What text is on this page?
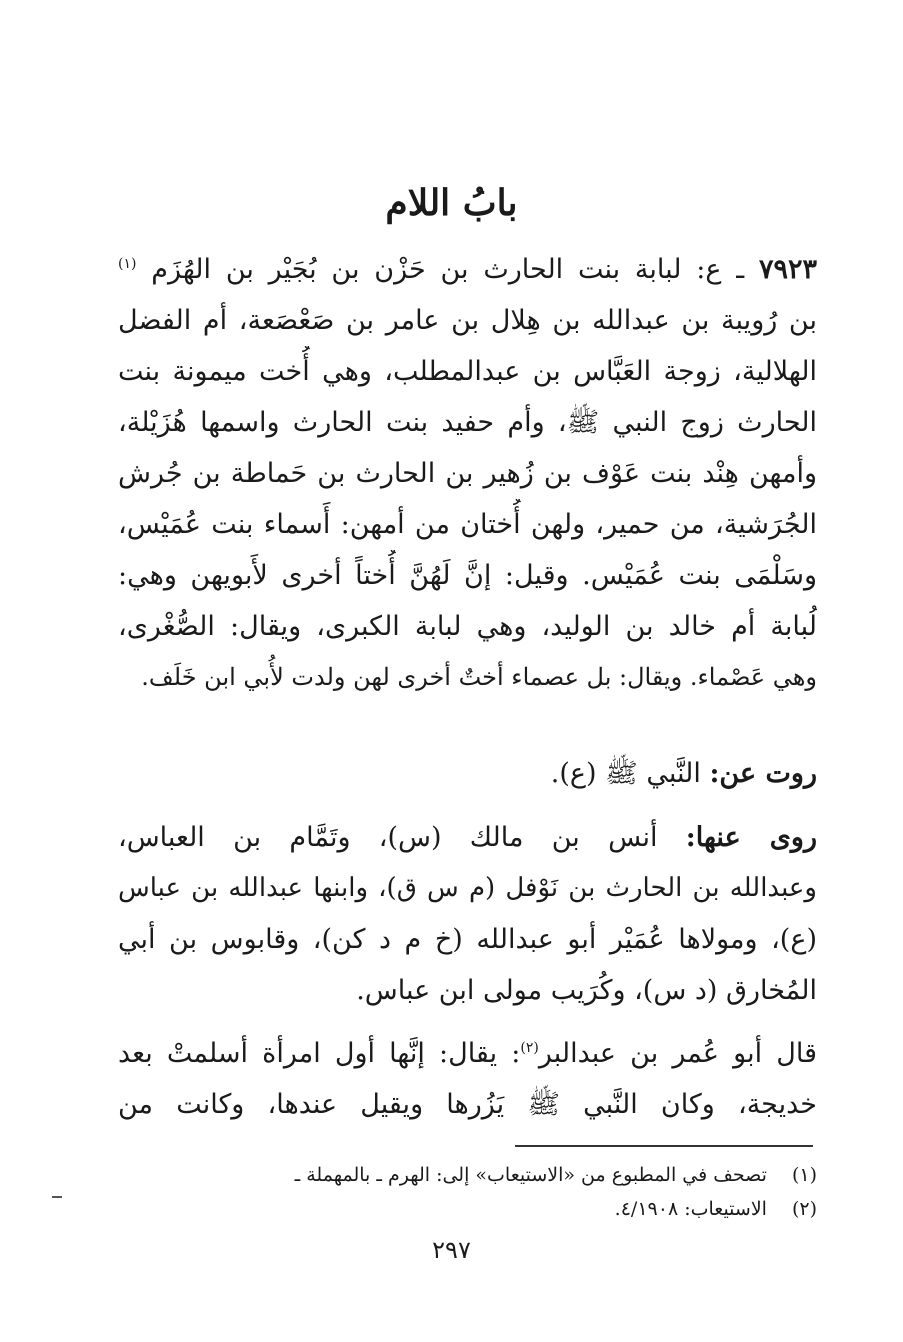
بابُ اللام
٧٩٢٣ ـ ع: لبابة بنت الحارث بن حَزْن بن بُجَيْر بن الهُزَم $^{(١)}$
بن رُويبة بن عبدالله بن هِلال بن عامر بن صَعْصَعة، أم الفضل
الهلالية، زوجة العَبَّاس بن عبدالمطلب، وهي أُخت ميمونة بنت
الحارث زوج النبي ﷺ، وأم حفيد بنت الحارث واسمها هُزَيْلة،
وأمهن هِنْد بنت عَوْف بن زُهير بن الحارث بن حَماطة بن جُرش
الجُرَشية، من حمير، ولهن أُختان من أمهن: أَسماء بنت عُمَيْس،
وسَلْمَى بنت عُمَيْس. وقيل: إنَّ لَهُنَّ أُختاً أخرى لأَبويهن وهي:
لُبابة أم خالد بن الوليد، وهي لبابة الكبرى، ويقال: الصُّغْرى،
وهي عَصْماء. ويقال: بل عصماء أختٌ أخرى لهن ولدت لأُبي ابن خَلَف.
روت عن: النَّبي ﷺ (ع).
روى عنها: أنس بن مالك (س)، وتَمَّام بن العباس،
وعبدالله بن الحارث بن نَوْفل (م س ق)، وابنها عبدالله بن عباس
(ع)، ومولاها عُمَيْر أبو عبدالله (خ م د كن)، وقابوس بن أبي
المُخارق (د س)، وكُرَيب مولى ابن عباس.
قال أبو عُمر بن عبدالبر$^{(٢)}$: يقال: إنَّها أول امرأة أسلمتْ بعد
خديجة، وكان النَّبي ﷺ يَزُرها ويقيل عندها، وكانت من
(١) تصحف في المطبوع من «الاستيعاب» إلى: الهرم ـ بالمهملة ـ
(٢) الاستيعاب: ٤/١٩٠٨.
٢٩٧
